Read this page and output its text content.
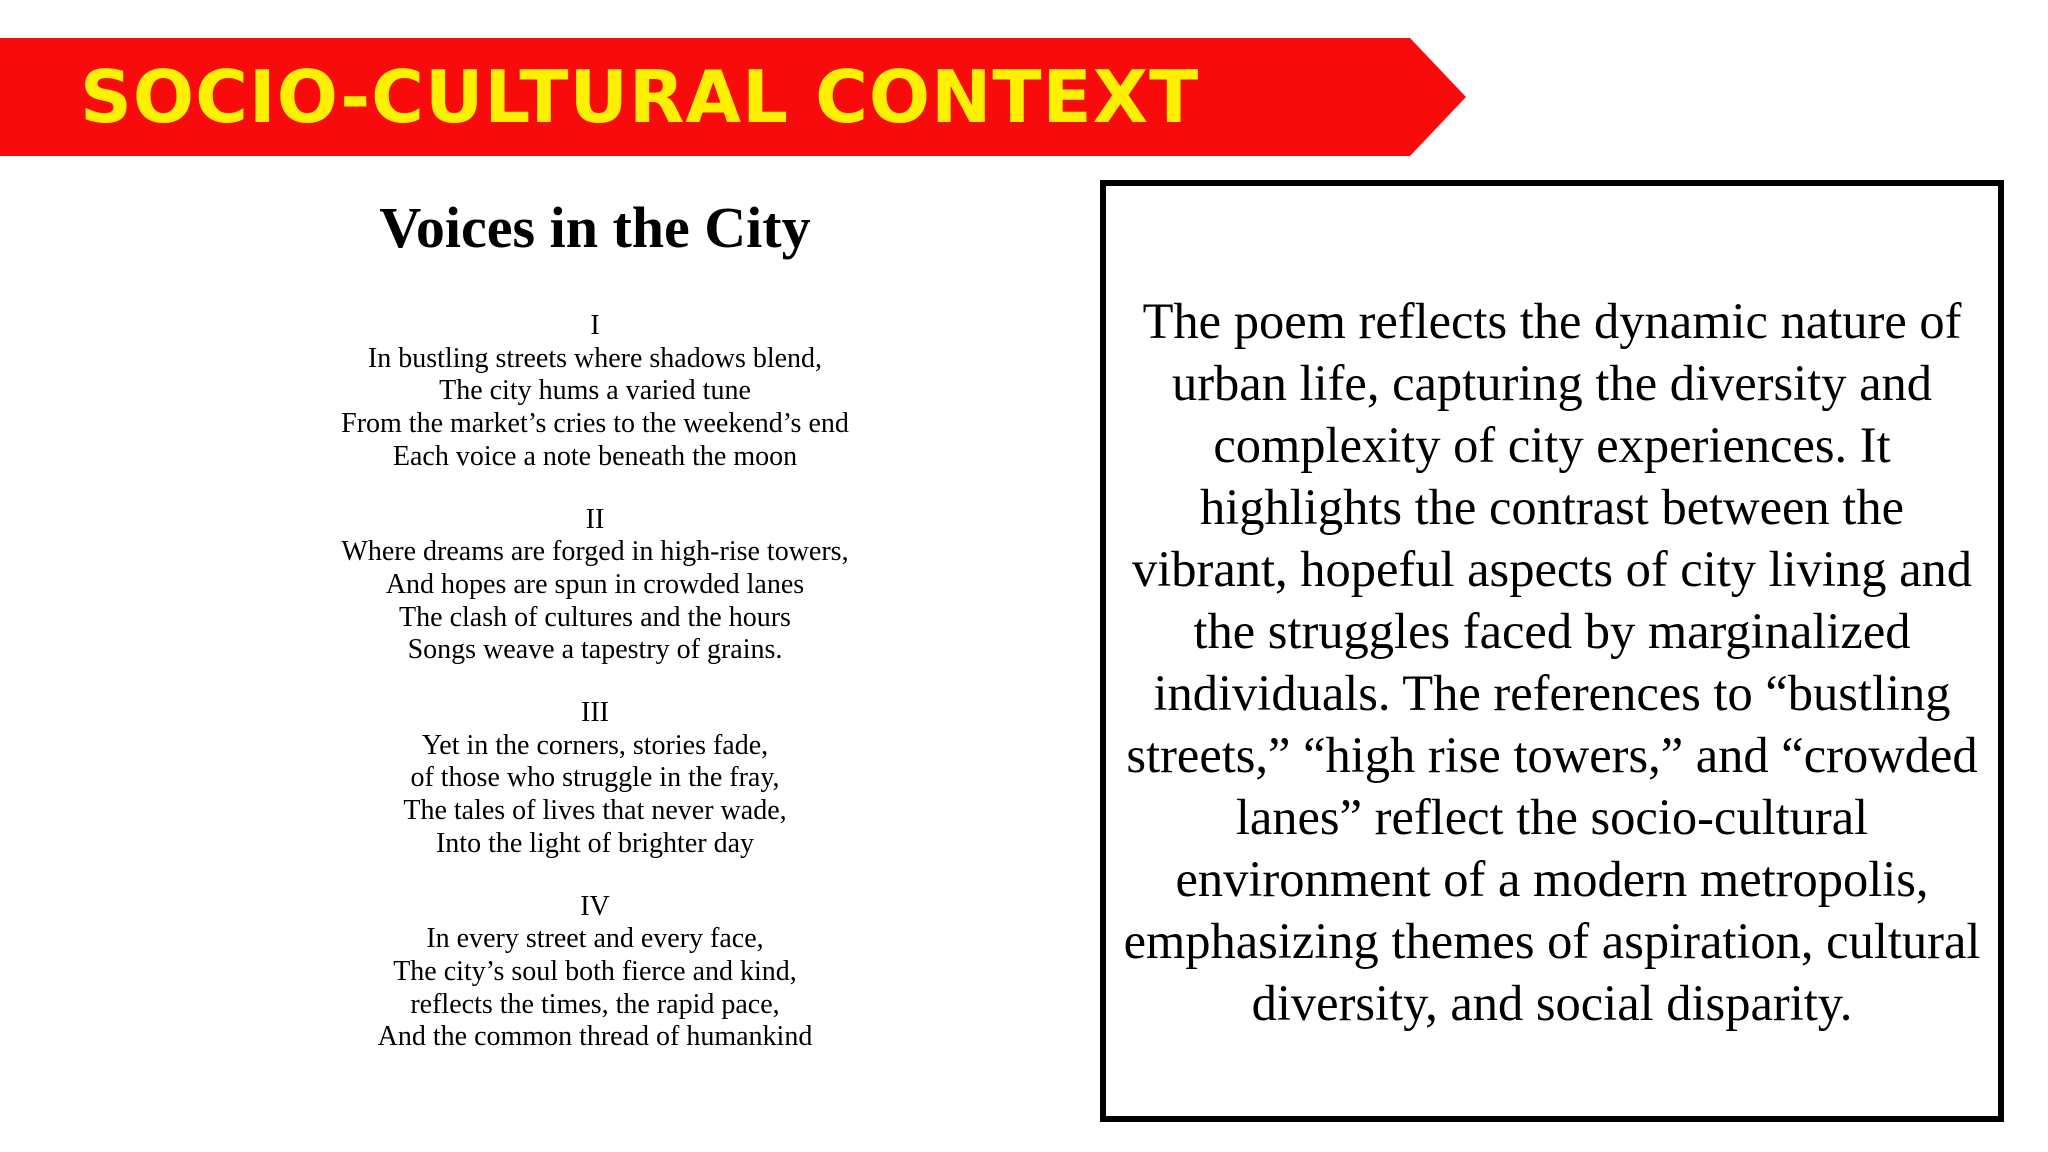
SOCIO-CULTURAL CONTEXT
Voices in the City
I
In bustling streets where shadows blend,
The city hums a varied tune
From the market’s cries to the weekend’s end
Each voice a note beneath the moon
II
Where dreams are forged in high-rise towers,
And hopes are spun in crowded lanes
The clash of cultures and the hours
Songs weave a tapestry of grains.
III
Yet in the corners, stories fade,
of those who struggle in the fray,
The tales of lives that never wade,
Into the light of brighter day
IV
In every street and every face,
The city’s soul both fierce and kind,
reflects the times, the rapid pace,
And the common thread of humankind

The poem reflects the dynamic nature of urban life, capturing the diversity and complexity of city experiences. It highlights the contrast between the vibrant, hopeful aspects of city living and the struggles faced by marginalized individuals. The references to “bustling streets,” “high rise towers,” and “crowded lanes” reflect the socio-cultural environment of a modern metropolis, emphasizing themes of aspiration, cultural diversity, and social disparity.
